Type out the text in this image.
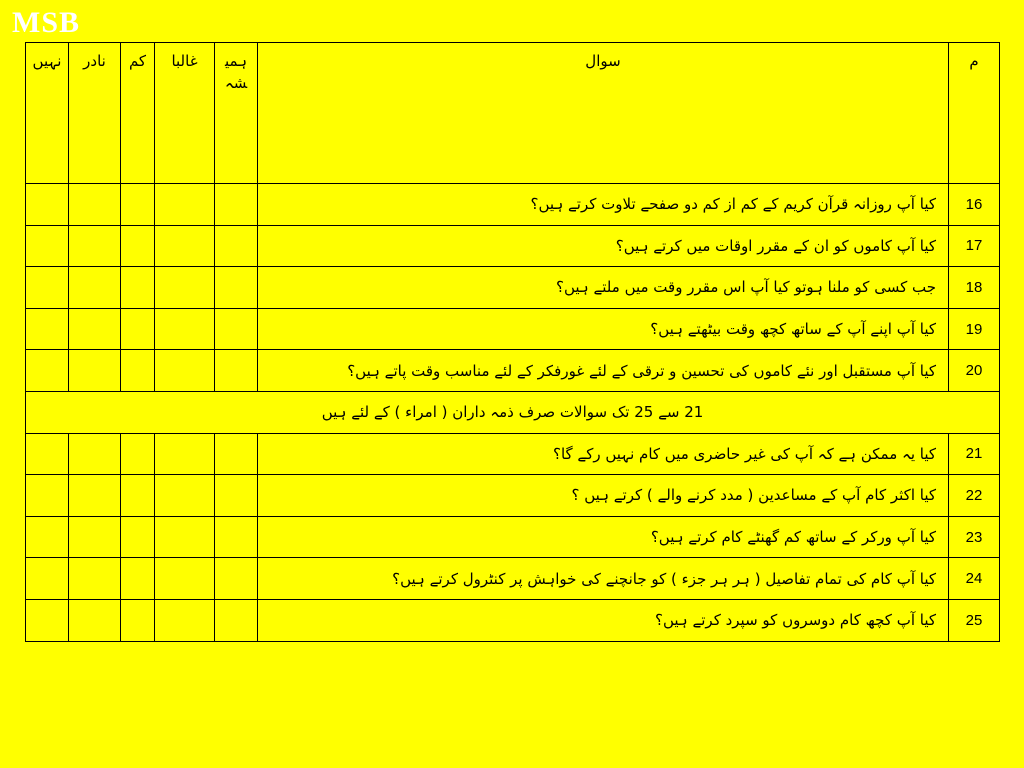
MSB
م	سوال	ہمیشہ	غالبا	کم	نادر	نہیں
16	کیا آپ روزانہ قرآن کریم کے کم از کم دو صفحے تلاوت کرتے ہیں؟					
17	کیا آپ کاموں کو ان کے مقرر اوقات میں کرتے ہیں؟					
18	جب کسی کو ملنا ہوتو کیا آپ اس مقرر وقت میں ملتے ہیں؟					
19	کیا آپ اپنے آپ کے ساتھ کچھ وقت بیٹھتے ہیں؟					
20	کیا آپ مستقبل اور نئے کاموں کی تحسین و ترقی کے لئے غورفکر کے لئے مناسب وقت پاتے ہیں؟					
21 سے 25 تک سوالات صرف ذمہ داران ( امراء ) کے لئے ہیں						
21	کیا یہ ممکن ہے کہ آپ کی غیر حاضری میں کام نہیں رکے گا؟					
22	کیا اکثر کام آپ کے مساعدین ( مدد کرنے والے ) کرتے ہیں ؟					
23	کیا آپ ورکر کے ساتھ کم گھنٹے کام کرتے ہیں؟					
24	کیا آپ کام کی تمام تفاصیل ( ہر ہر جزء ) کو جانچنے کی خواہش پر کنٹرول کرتے ہیں؟					
25	کیا آپ کچھ کام دوسروں کو سپرد کرتے ہیں؟					
